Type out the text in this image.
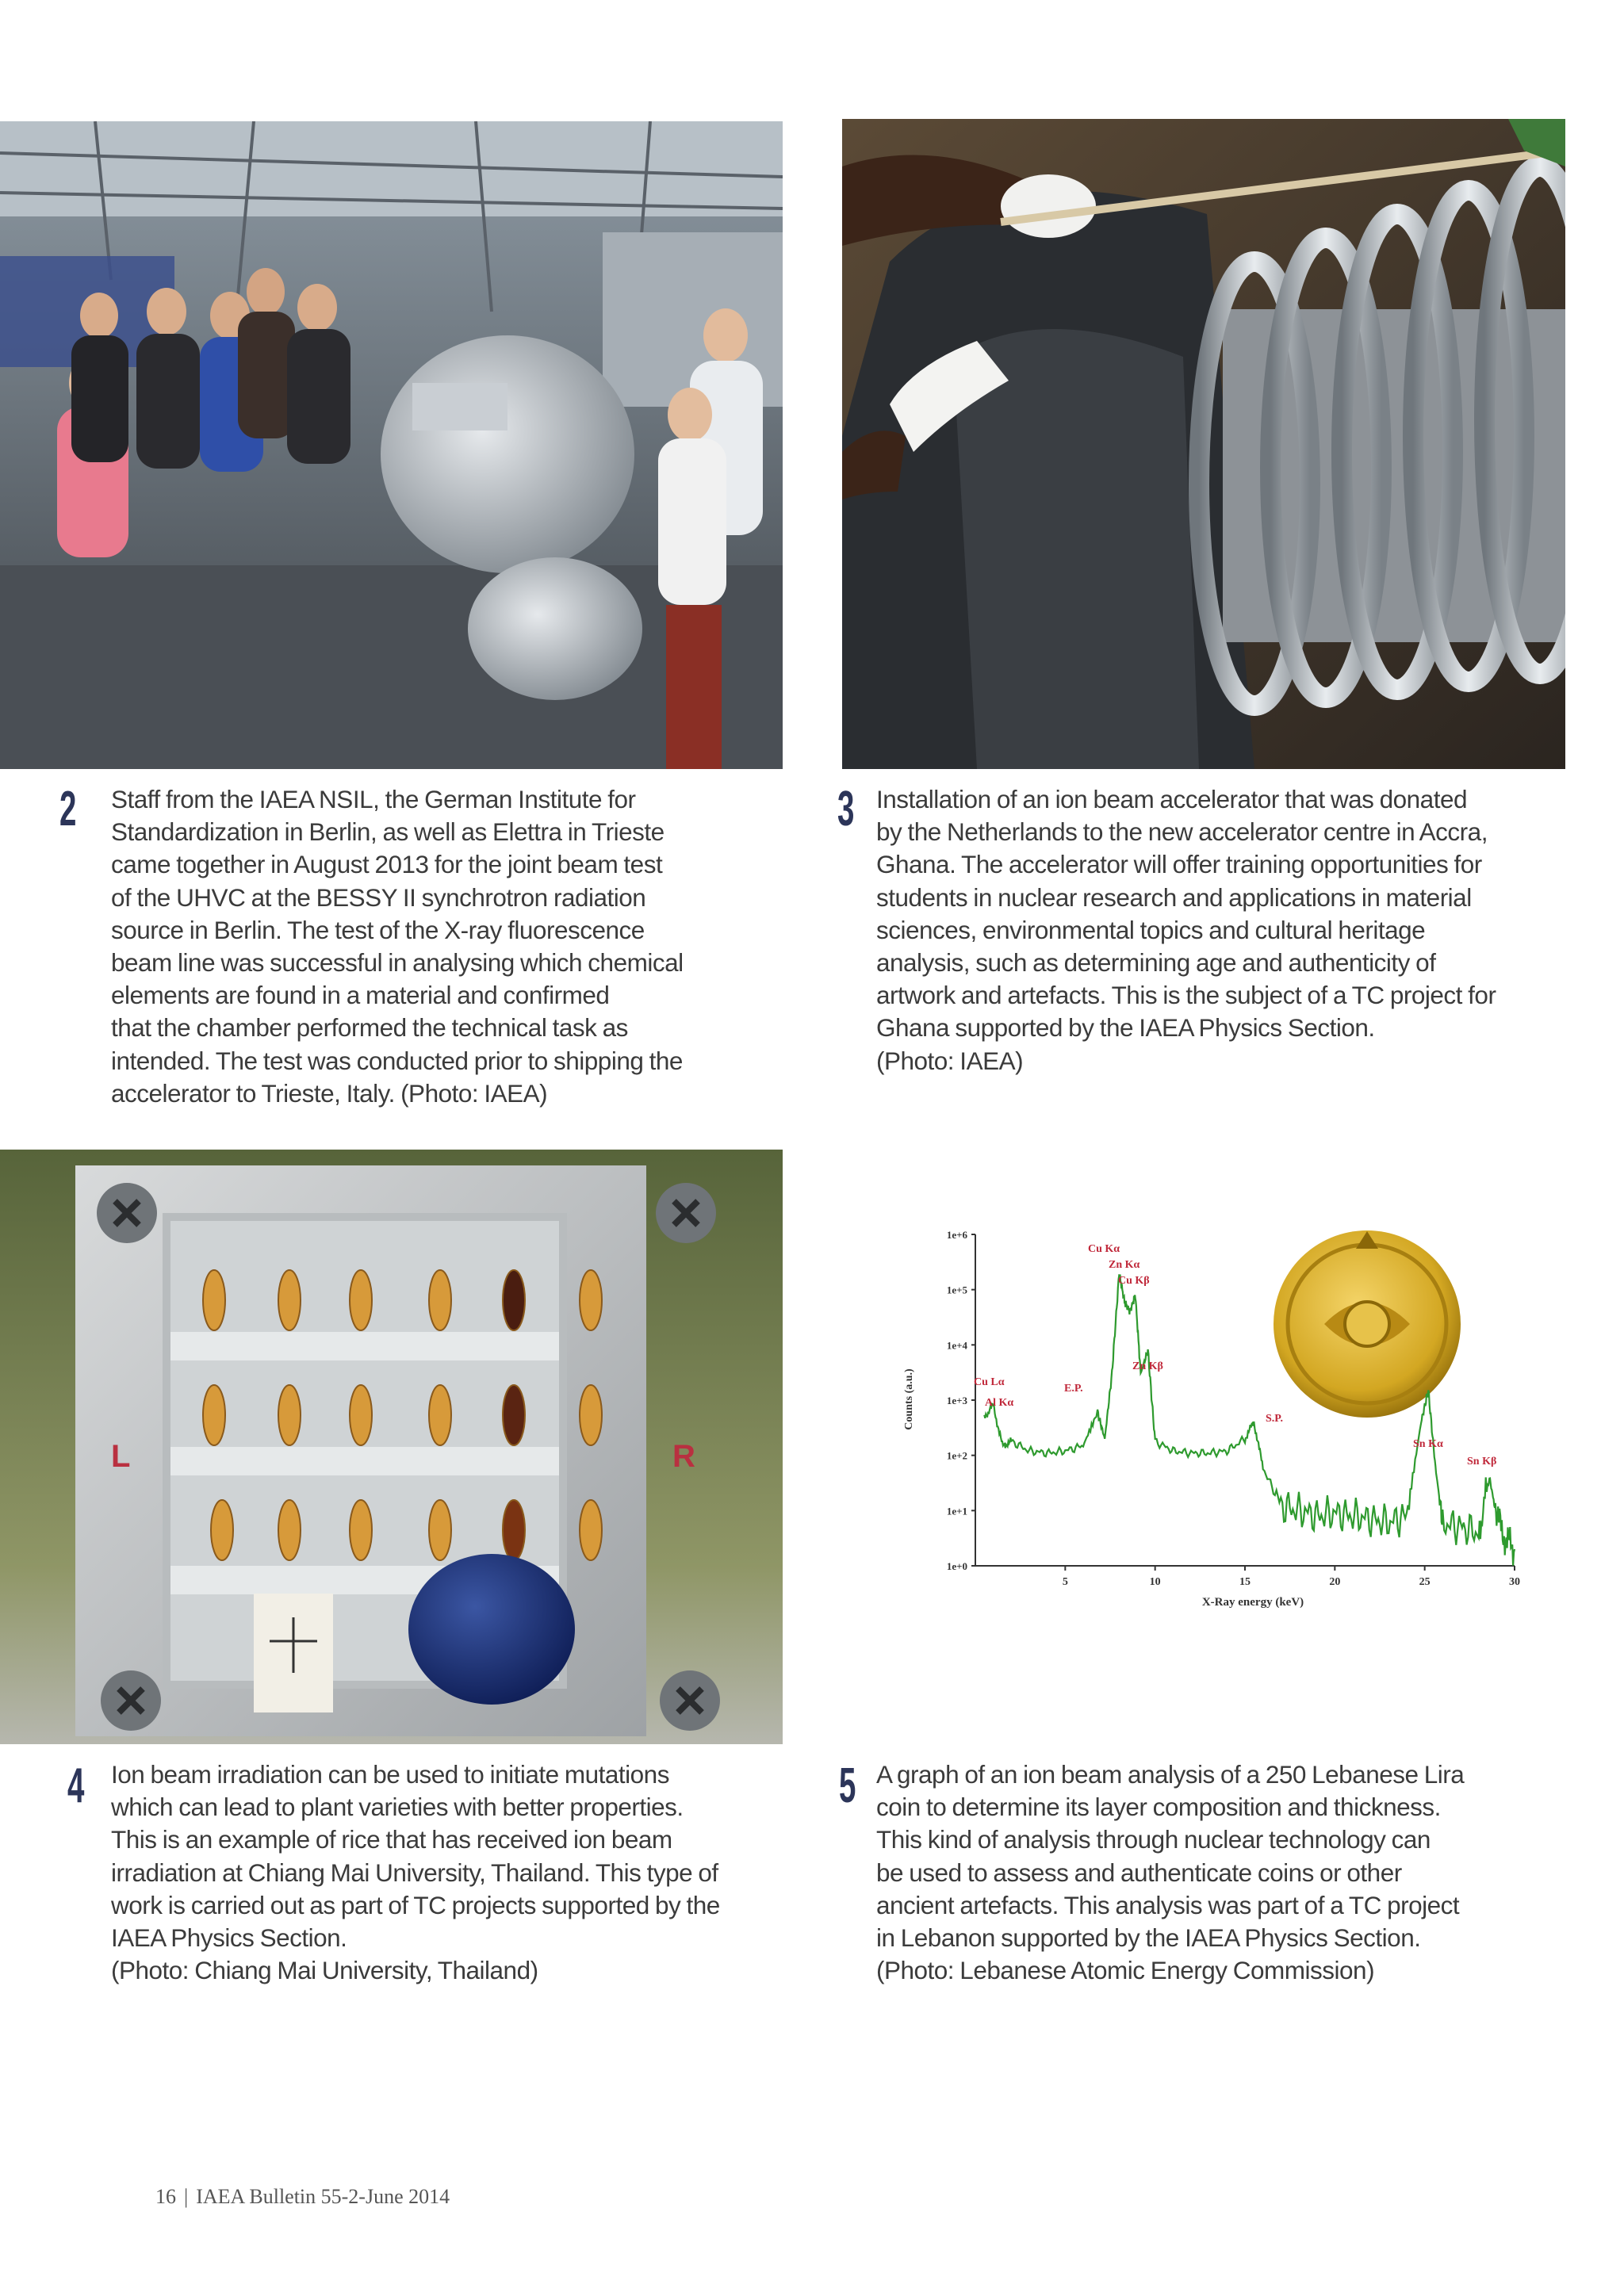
2 Staff from the IAEA NSIL, the German Institute for
Standardization in Berlin, as well as Elettra in Trieste
came together in August 2013 for the joint beam test
of the UHVC at the BESSY II synchrotron radiation
source in Berlin. The test of the X-ray fluorescence
beam line was successful in analysing which chemical
elements are found in a material and confirmed
that the chamber performed the technical task as
intended. The test was conducted prior to shipping the
accelerator to Trieste, Italy. (Photo: IAEA)
3 Installation of an ion beam accelerator that was donated
by the Netherlands to the new accelerator centre in Accra,
Ghana. The accelerator will offer training opportunities for
students in nuclear research and applications in material
sciences, environmental topics and cultural heritage
analysis, such as determining age and authenticity of
artwork and artefacts. This is the subject of a TC project for
Ghana supported by the IAEA Physics Section.
(Photo: IAEA)
L	R
1e+0
1e+1
1e+2
1e+3
1e+4
1e+5
1e+6
5	10	15	20	25	30
X-Ray energy (keV)
Counts (a.u.)	Cu Lα
Al Kα
E.P.
Cu Kα
Zn Kα
Cu Kβ
Zn Kβ
S.P.
Sn Kα
Sn Kβ
4 Ion beam irradiation can be used to initiate mutations
which can lead to plant varieties with better properties.
This is an example of rice that has received ion beam
irradiation at Chiang Mai University, Thailand. This type of
work is carried out as part of TC projects supported by the
IAEA Physics Section.
(Photo: Chiang Mai University, Thailand)
5 A graph of an ion beam analysis of a 250 Lebanese Lira
coin to determine its layer composition and thickness.
This kind of analysis through nuclear technology can
be used to assess and authenticate coins or other
ancient artefacts. This analysis was part of a TC project
in Lebanon supported by the IAEA Physics Section.
(Photo: Lebanese Atomic Energy Commission)
16 | IAEA Bulletin 55-2-June 2014
